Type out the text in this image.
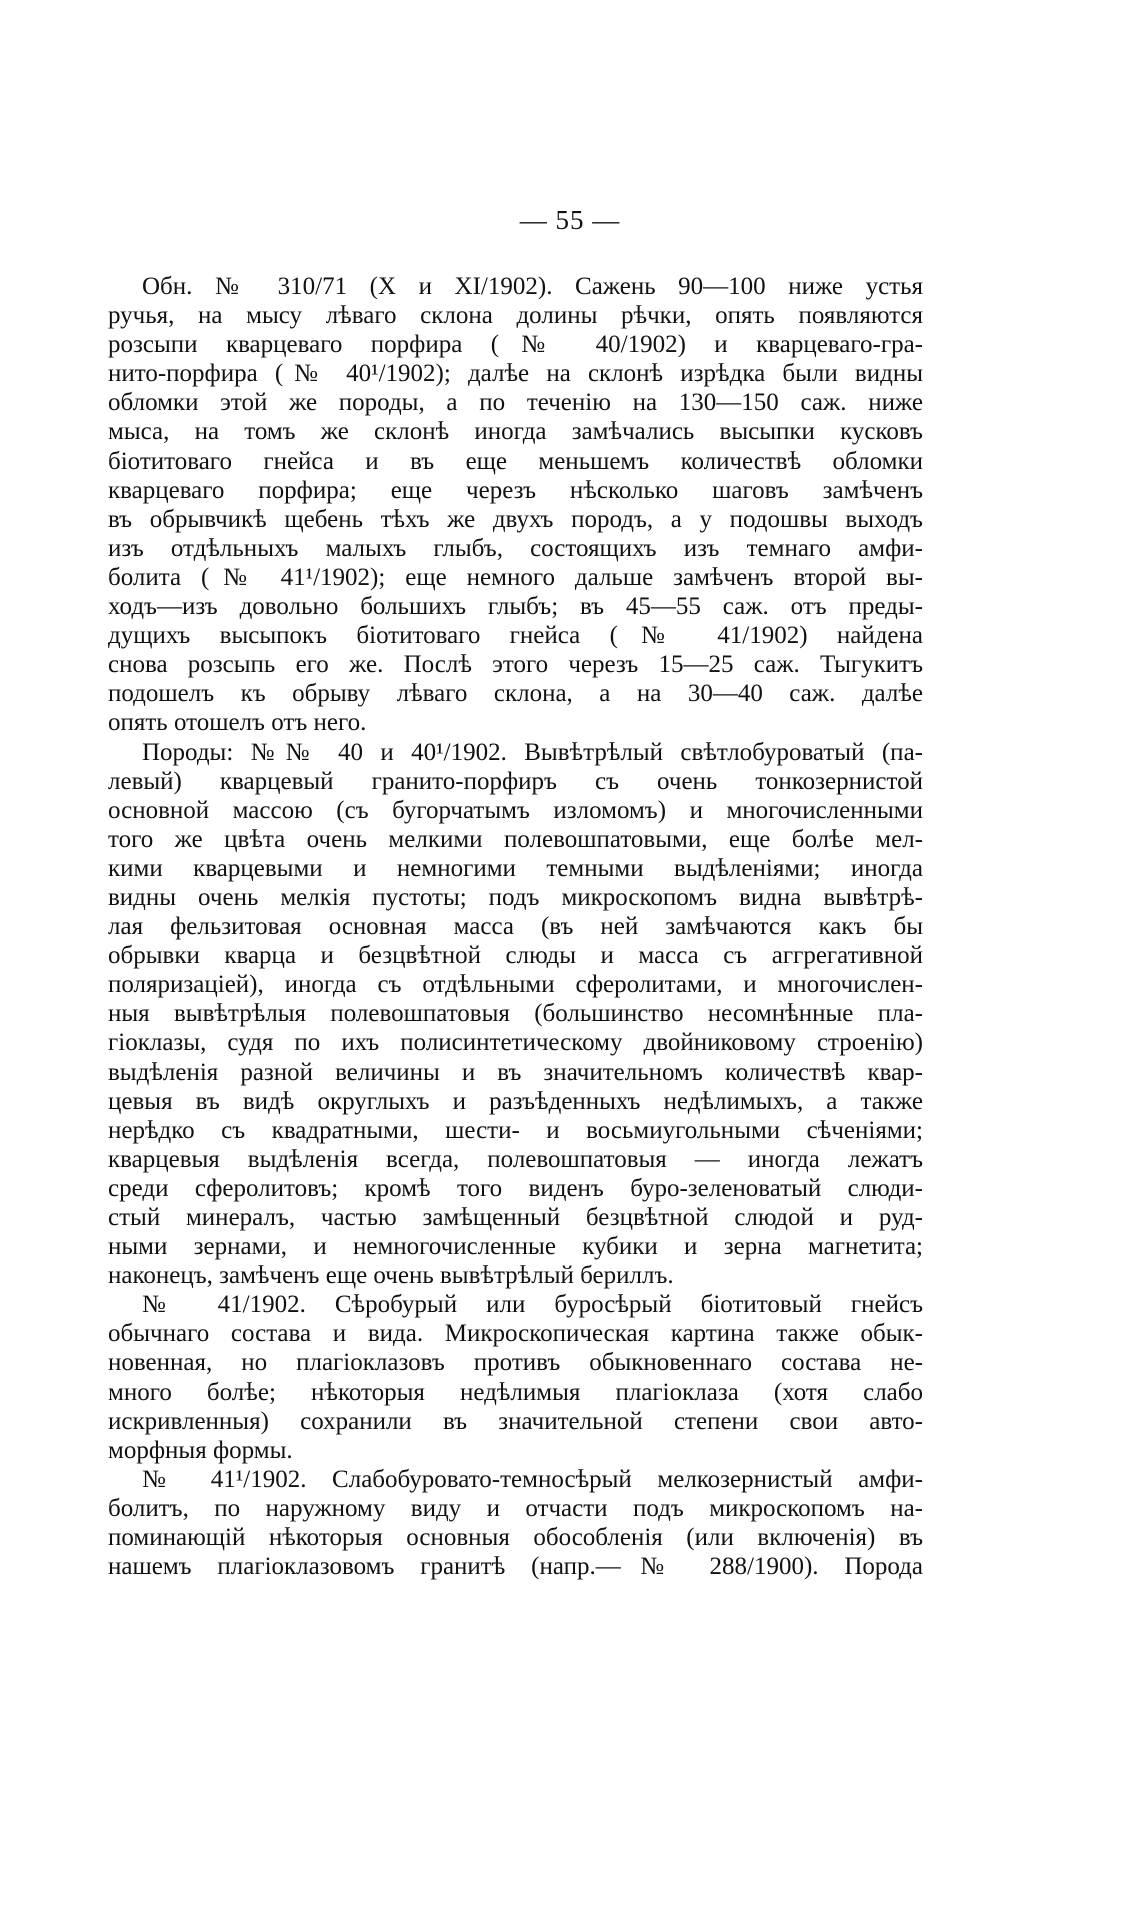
— 55 —
Обн. № 310/71 (X и XI/1902). Сажень 90—100 ниже устья
ручья, на мысу лѣваго склона долины рѣчки, опять появляются
розсыпи кварцеваго порфира (№ 40/1902) и кварцеваго-гра-
нито-порфира (№ 40¹/1902); далѣе на склонѣ изрѣдка были видны
обломки этой же породы, а по теченію на 130—150 саж. ниже
мыса, на томъ же склонѣ иногда замѣчались высыпки кусковъ
біотитоваго гнейса и въ еще меньшемъ количествѣ обломки
кварцеваго порфира; еще черезъ нѣсколько шаговъ замѣченъ
въ обрывчикѣ щебень тѣхъ же двухъ породъ, а у подошвы выходъ
изъ отдѣльныхъ малыхъ глыбъ, состоящихъ изъ темнаго амфи-
болита (№ 41¹/1902); еще немного дальше замѣченъ второй вы-
ходъ—изъ довольно большихъ глыбъ; въ 45—55 саж. отъ преды-
дущихъ высыпокъ біотитоваго гнейса (№ 41/1902) найдена
снова розсыпь его же. Послѣ этого черезъ 15—25 саж. Тыгукитъ
подошелъ къ обрыву лѣваго склона, а на 30—40 саж. далѣе
опять отошелъ отъ него.
Породы: №№ 40 и 40¹/1902. Вывѣтрѣлый свѣтлобуроватый (па-
левый) кварцевый гранито-порфиръ съ очень тонкозернистой
основной массою (съ бугорчатымъ изломомъ) и многочисленными
того же цвѣта очень мелкими полевошпатовыми, еще болѣе мел-
кими кварцевыми и немногими темными выдѣленіями; иногда
видны очень мелкія пустоты; подъ микроскопомъ видна вывѣтрѣ-
лая фельзитовая основная масса (въ ней замѣчаются какъ бы
обрывки кварца и безцвѣтной слюды и масса съ аггрегативной
поляризаціей), иногда съ отдѣльными сферолитами, и многочислен-
ныя вывѣтрѣлыя полевошпатовыя (большинство несомнѣнные пла-
гіоклазы, судя по ихъ полисинтетическому двойниковому строенію)
выдѣленія разной величины и въ значительномъ количествѣ квар-
цевыя въ видѣ округлыхъ и разъѣденныхъ недѣлимыхъ, а также
нерѣдко съ квадратными, шести- и восьмиугольными сѣченіями;
кварцевыя выдѣленія всегда, полевошпатовыя — иногда лежатъ
среди сферолитовъ; кромѣ того виденъ буро-зеленоватый слюди-
стый минералъ, частью замѣщенный безцвѣтной слюдой и руд-
ными зернами, и немногочисленные кубики и зерна магнетита;
наконецъ, замѣченъ еще очень вывѣтрѣлый бериллъ.
№ 41/1902. Сѣробурый или буросѣрый біотитовый гнейсъ
обычнаго состава и вида. Микроскопическая картина также обык-
новенная, но плагіоклазовъ противъ обыкновеннаго состава не-
много болѣе; нѣкоторыя недѣлимыя плагіоклаза (хотя слабо
искривленныя) сохранили въ значительной степени свои авто-
морфныя формы.
№ 41¹/1902. Слабобуровато-темносѣрый мелкозернистый амфи-
болитъ, по наружному виду и отчасти подъ микроскопомъ на-
поминающій нѣкоторыя основныя обособленія (или включенія) въ
нашемъ плагіоклазовомъ гранитѣ (напр.—№ 288/1900). Порода
